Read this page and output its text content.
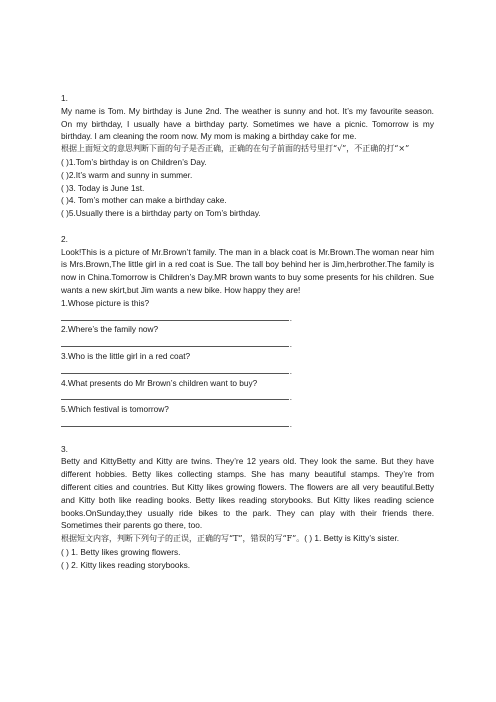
1.

My name is Tom. My birthday is June 2nd. The weather is sunny and hot. It’s my favourite season. On my birthday, I usually have a birthday party. Sometimes we have a picnic. Tomorrow is my birthday. I am cleaning the room now. My mom is making a birthday cake for me.

根据上面短文的意思判断下面的句子是否正确，正确的在句子前面的括号里打“√”，不正确的打“×”

( )1.Tom’s birthday is on Children’s Day.

( )2.It’s warm and sunny in summer.

( )3. Today is June 1st.

( )4. Tom’s mother can make a birthday cake.

( )5.Usually there is a birthday party on Tom’s birthday.

2.

Look!This is a picture of Mr.Brown’t family. The man in a black coat is Mr.Brown.The woman near him is Mrs.Brown,The little girl in a red coat is Sue. The tall boy behind her is Jim,herbrother.The family is now in China.Tomorrow is Children’s Day.MR brown wants to buy some presents for his children. Sue wants a new skirt,but Jim wants a new bike. How happy they are!

1.Whose picture is this?

.

2.Where’s the family now?

.

3.Who is the little girl in a red coat?

.

4.What presents do Mr Brown’s children want to buy?

.

5.Which festival is tomorrow?

.

3.

Betty and KittyBetty and Kitty are twins. They’re 12 years old. They look the same. But they have different hobbies. Betty likes collecting stamps. She has many beautiful stamps. They’re from different cities and countries. But Kitty likes growing flowers. The flowers are all very beautiful.Betty and Kitty both like reading books. Betty likes reading storybooks. But Kitty likes reading science books.OnSunday,they usually ride bikes to the park. They can play with their friends there. Sometimes their parents go there, too.

根据短文内容，判断下列句子的正误，正确的写“T”，错误的写“F”。( ) 1. Betty is Kitty’s sister.

( ) 1. Betty likes growing flowers.

( ) 2. Kitty likes reading storybooks.
